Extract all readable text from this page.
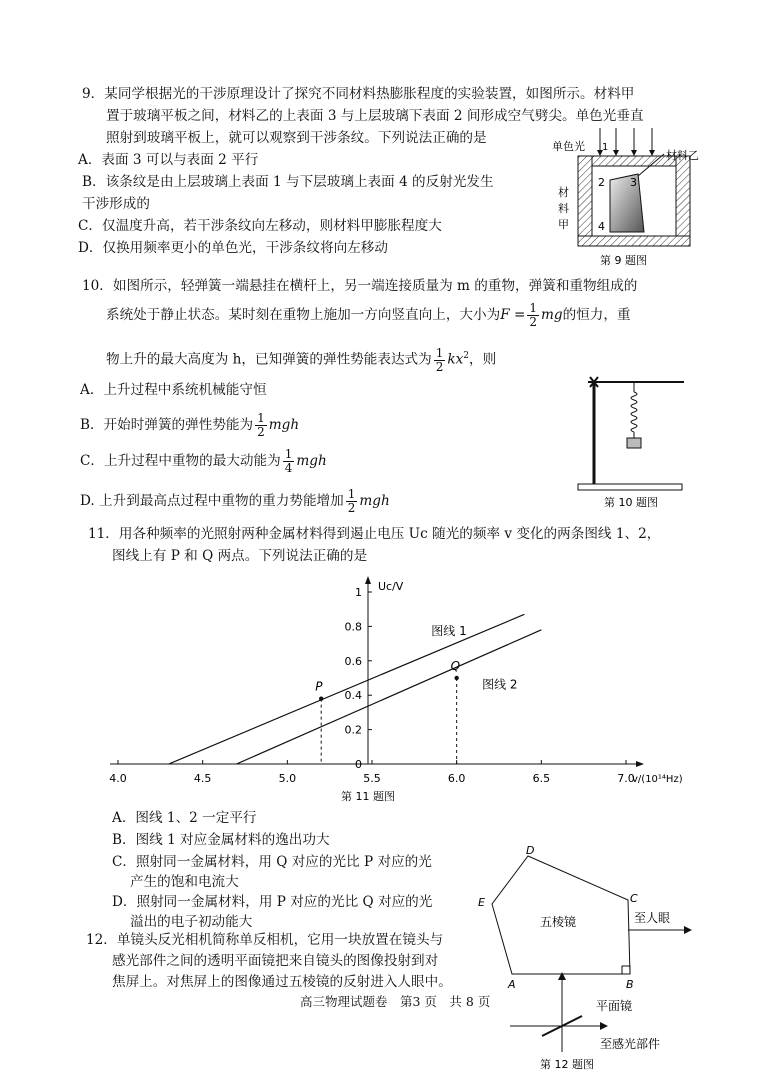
9．某同学根据光的干涉原理设计了探究不同材料热膨胀程度的实验装置，如图所示。材料甲
置于玻璃平板之间，材料乙的上表面 3 与上层玻璃下表面 2 间形成空气劈尖。单色光垂直
照射到玻璃平板上，就可以观察到干涉条纹。下列说法正确的是
A．表面 3 可以与表面 2 平行
B．该条纹是由上层玻璃上表面 1 与下层玻璃上表面 4 的反射光发生
干涉形成的
C．仅温度升高，若干涉条纹向左移动，则材料甲膨胀程度大
D．仅换用频率更小的单色光，干涉条纹将向左移动
1
2 3
4
单色光
材料乙
材
料
甲
第 9 题图
10．如图所示，轻弹簧一端悬挂在横杆上，另一端连接质量为 m 的重物，弹簧和重物组成的
系统处于静止状态。某时刻在重物上施加一方向竖直向上，大小为$F = \frac{1}{2}$ mg的恒力，重
物上升的最大高度为 h，已知弹簧的弹性势能表达式为 $\frac{1}{2} kx^2$，则
A．上升过程中系统机械能守恒
B．开始时弹簧的弹性势能为 $\frac{1}{2}$ mgh
C．上升过程中重物的最大动能为 $\frac{1}{4}$ mgh
D. 上升到最高点过程中重物的重力势能增加 $\frac{1}{2}$ mgh	第 10 题图
11．用各种频率的光照射两种金属材料得到遏止电压 Uc 随光的频率 v 变化的两条图线 1、2，
图线上有 P 和 Q 两点。下列说法正确的是
4.0	4.5	5.0	5.5	6.0	6.5	7.0
0
0.2
0.4
0.6
0.8
1 Uc/V
v/(10¹⁴Hz)
图线 1
图线 2
P
Q
第 11 题图
A．图线 1、2 一定平行
B．图线 1 对应金属材料的逸出功大
C．照射同一金属材料，用 Q 对应的光比 P 对应的光
产生的饱和电流大
D．照射同一金属材料，用 P 对应的光比 Q 对应的光
溢出的电子初动能大
12．单镜头反光相机简称单反相机，它用一块放置在镜头与
感光部件之间的透明平面镜把来自镜头的图像投射到对
焦屏上。对焦屏上的图像通过五棱镜的反射进入人眼中。
D
C
E
A	B
五棱镜	至人眼
平面镜
至感光部件
第 12 题图
高三物理试题卷　第3 页　共 8 页
